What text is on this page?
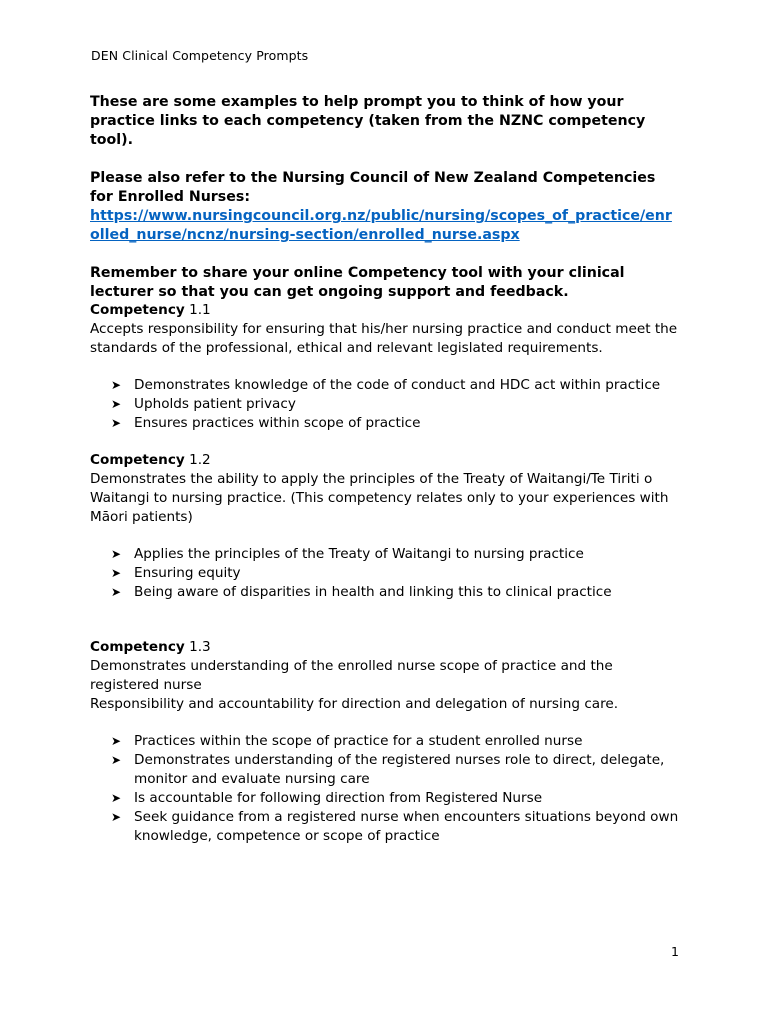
DEN Clinical Competency Prompts

These are some examples to help prompt you to think of how your practice links to each competency (taken from the NZNC competency tool).

Please also refer to the Nursing Council of New Zealand Competencies for Enrolled Nurses:

https://www.nursingcouncil.org.nz/public/nursing/scopes_of_practice/enrolled_nurse/ncnz/nursing-section/enrolled_nurse.aspx

Remember to share your online Competency tool with your clinical lecturer so that you can get ongoing support and feedback.

Competency 1.1

Accepts responsibility for ensuring that his/her nursing practice and conduct meet the standards of the professional, ethical and relevant legislated requirements.

➤ Demonstrates knowledge of the code of conduct and HDC act within practice
➤ Upholds patient privacy
➤ Ensures practices within scope of practice

Competency 1.2

Demonstrates the ability to apply the principles of the Treaty of Waitangi/Te Tiriti o Waitangi to nursing practice. (This competency relates only to your experiences with Māori patients)

➤ Applies the principles of the Treaty of Waitangi to nursing practice
➤ Ensuring equity
➤ Being aware of disparities in health and linking this to clinical practice

Competency 1.3

Demonstrates understanding of the enrolled nurse scope of practice and the registered nurse

Responsibility and accountability for direction and delegation of nursing care.

➤ Practices within the scope of practice for a student enrolled nurse
➤ Demonstrates understanding of the registered nurses role to direct, delegate, monitor and evaluate nursing care
➤ Is accountable for following direction from Registered Nurse
➤ Seek guidance from a registered nurse when encounters situations beyond own knowledge, competence or scope of practice
1
